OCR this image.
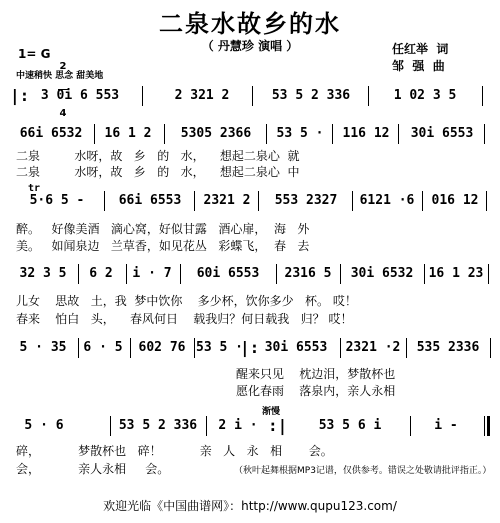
二泉水故乡的水
（ 丹慧珍 演唱 ）	任红举  词
邹  强  曲
1= G

2

4

中速稍快 思念 甜美地
|: 3 0i 6 553	2 321 2	53 5 2 336	1 02 3 5
66i 6532	16 1 2	5305 2366	53 5 ·	116 12	30i 6553
二泉         水呀，故   乡   的   水，    想起二泉心  就
二泉         水呀，故   乡   的   水，    想起二泉心  中
tr
5·6 5 -	66i 6553	2321 2	553 2327	6121 ·6	016 12
醉。   好像美酒   滴心窝，好似甘露   酒心扉，  海   外
美。   如闻泉边   兰草香，如见花丛   彩蝶飞，  春   去
32 3 5	6 2	i · 7	60i 6553	2316 5	30i 6532	16 1 23
儿女    思故   土，我  梦中饮你    多少杯，饮你多少   杯。 哎！
春来    怕白   头，    春风何日    载我归？何日载我   归？ 哎！
5 · 35	6 · 5	602 76 53 5 ·
|: 30i 6553	2321 ·2	535 2336
醒来只见    枕边泪，梦散杯也
愿化春雨    落泉内，亲人永相
渐慢
5 · 6	53 5 2 336	2 i · :|	53 5 6 i	i -
碎，          梦散杯也   碎！          亲   人   永   相       会。
会，          亲人永相     会。	（秋叶起舞根据MP3记谱，仅供参考。错误之处敬请批评指正。）
欢迎光临《中国曲谱网》：http://www.qupu123.com/
